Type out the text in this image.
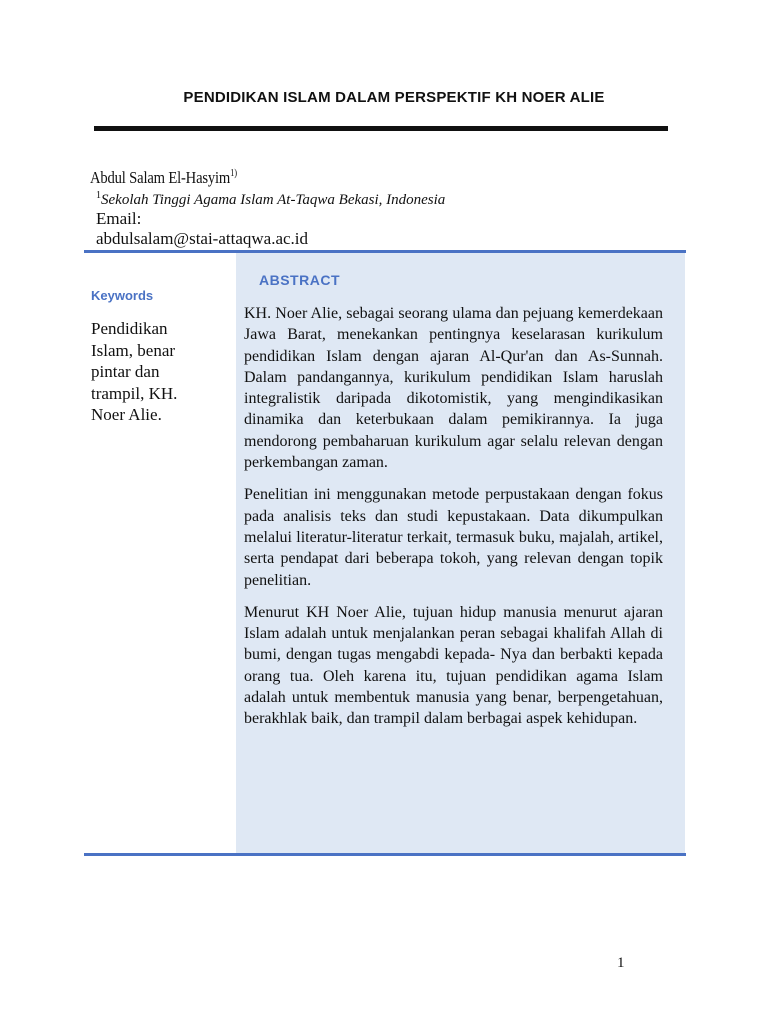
PENDIDIKAN ISLAM DALAM PERSPEKTIF KH NOER ALIE
Abdul Salam El-Hasyim$^{1)}$
$^1$Sekolah Tinggi Agama Islam At-Taqwa Bekasi, Indonesia
Email:
abdulsalam@stai-attaqwa.ac.id
Keywords
Pendidikan Islam, benar pintar dan trampil, KH. Noer Alie.
ABSTRACT

KH. Noer Alie, sebagai seorang ulama dan pejuang kemerdekaan Jawa Barat, menekankan pentingnya keselarasan kurikulum pendidikan Islam dengan ajaran Al-Qur'an dan As-Sunnah. Dalam pandangannya, kurikulum pendidikan Islam haruslah integralistik daripada dikotomistik, yang mengindikasikan dinamika dan keterbukaan dalam pemikirannya. Ia juga mendorong pembaharuan kurikulum agar selalu relevan dengan perkembangan zaman.

Penelitian ini menggunakan metode perpustakaan dengan fokus pada analisis teks dan studi kepustakaan. Data dikumpulkan melalui literatur-literatur terkait, termasuk buku, majalah, artikel, serta pendapat dari beberapa tokoh, yang relevan dengan topik penelitian.

Menurut KH Noer Alie, tujuan hidup manusia menurut ajaran Islam adalah untuk menjalankan peran sebagai khalifah Allah di bumi, dengan tugas mengabdi kepada- Nya dan berbakti kepada orang tua. Oleh karena itu, tujuan pendidikan agama Islam adalah untuk membentuk manusia yang benar, berpengetahuan, berakhlak baik, dan trampil dalam berbagai aspek kehidupan.

1
